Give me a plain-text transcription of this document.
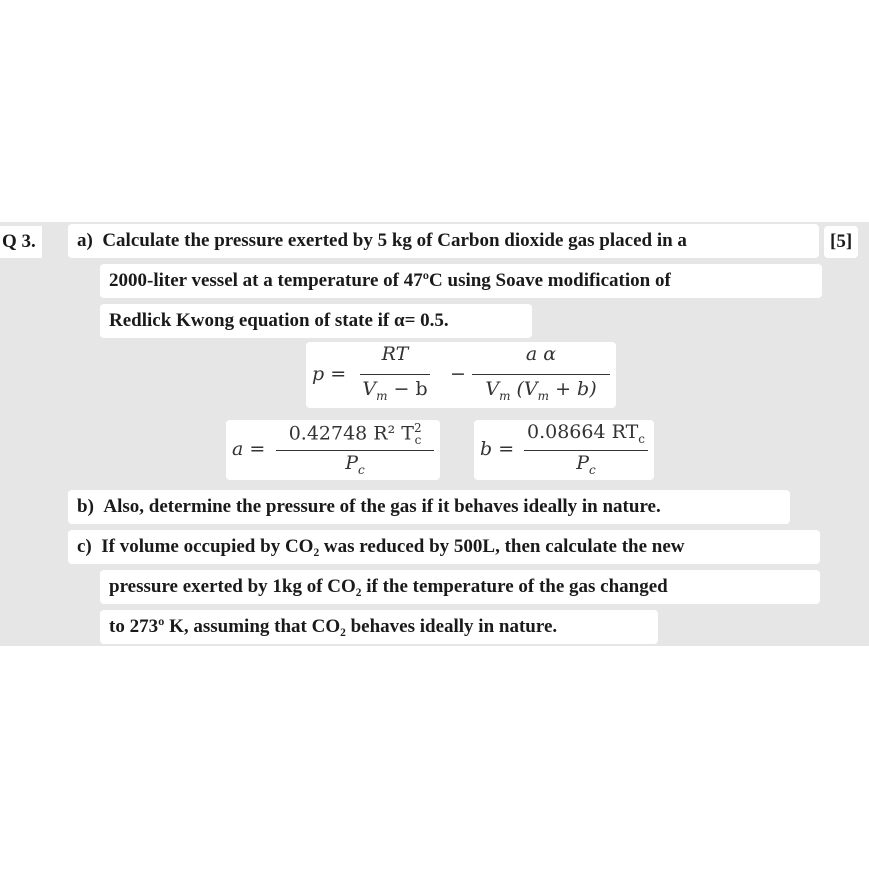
Q 3.	[5]
a) Calculate the pressure exerted by 5 kg of Carbon dioxide gas placed in a
2000-liter vessel at a temperature of 47ºC using Soave modification of
Redlick Kwong equation of state if α= 0.5.
p =
RT
$V_m - b$
−
a α
$V_m$ $(V_m + b)$
a =
0.42748 R² $T^2_c$
$P_c$
b =
0.08664 $RT_c$
$P_c$
b) Also, determine the pressure of the gas if it behaves ideally in nature.
c) If volume occupied by CO₂ was reduced by 500L, then calculate the new
pressure exerted by 1kg of CO₂ if the temperature of the gas changed
to 273º K, assuming that CO₂ behaves ideally in nature.
